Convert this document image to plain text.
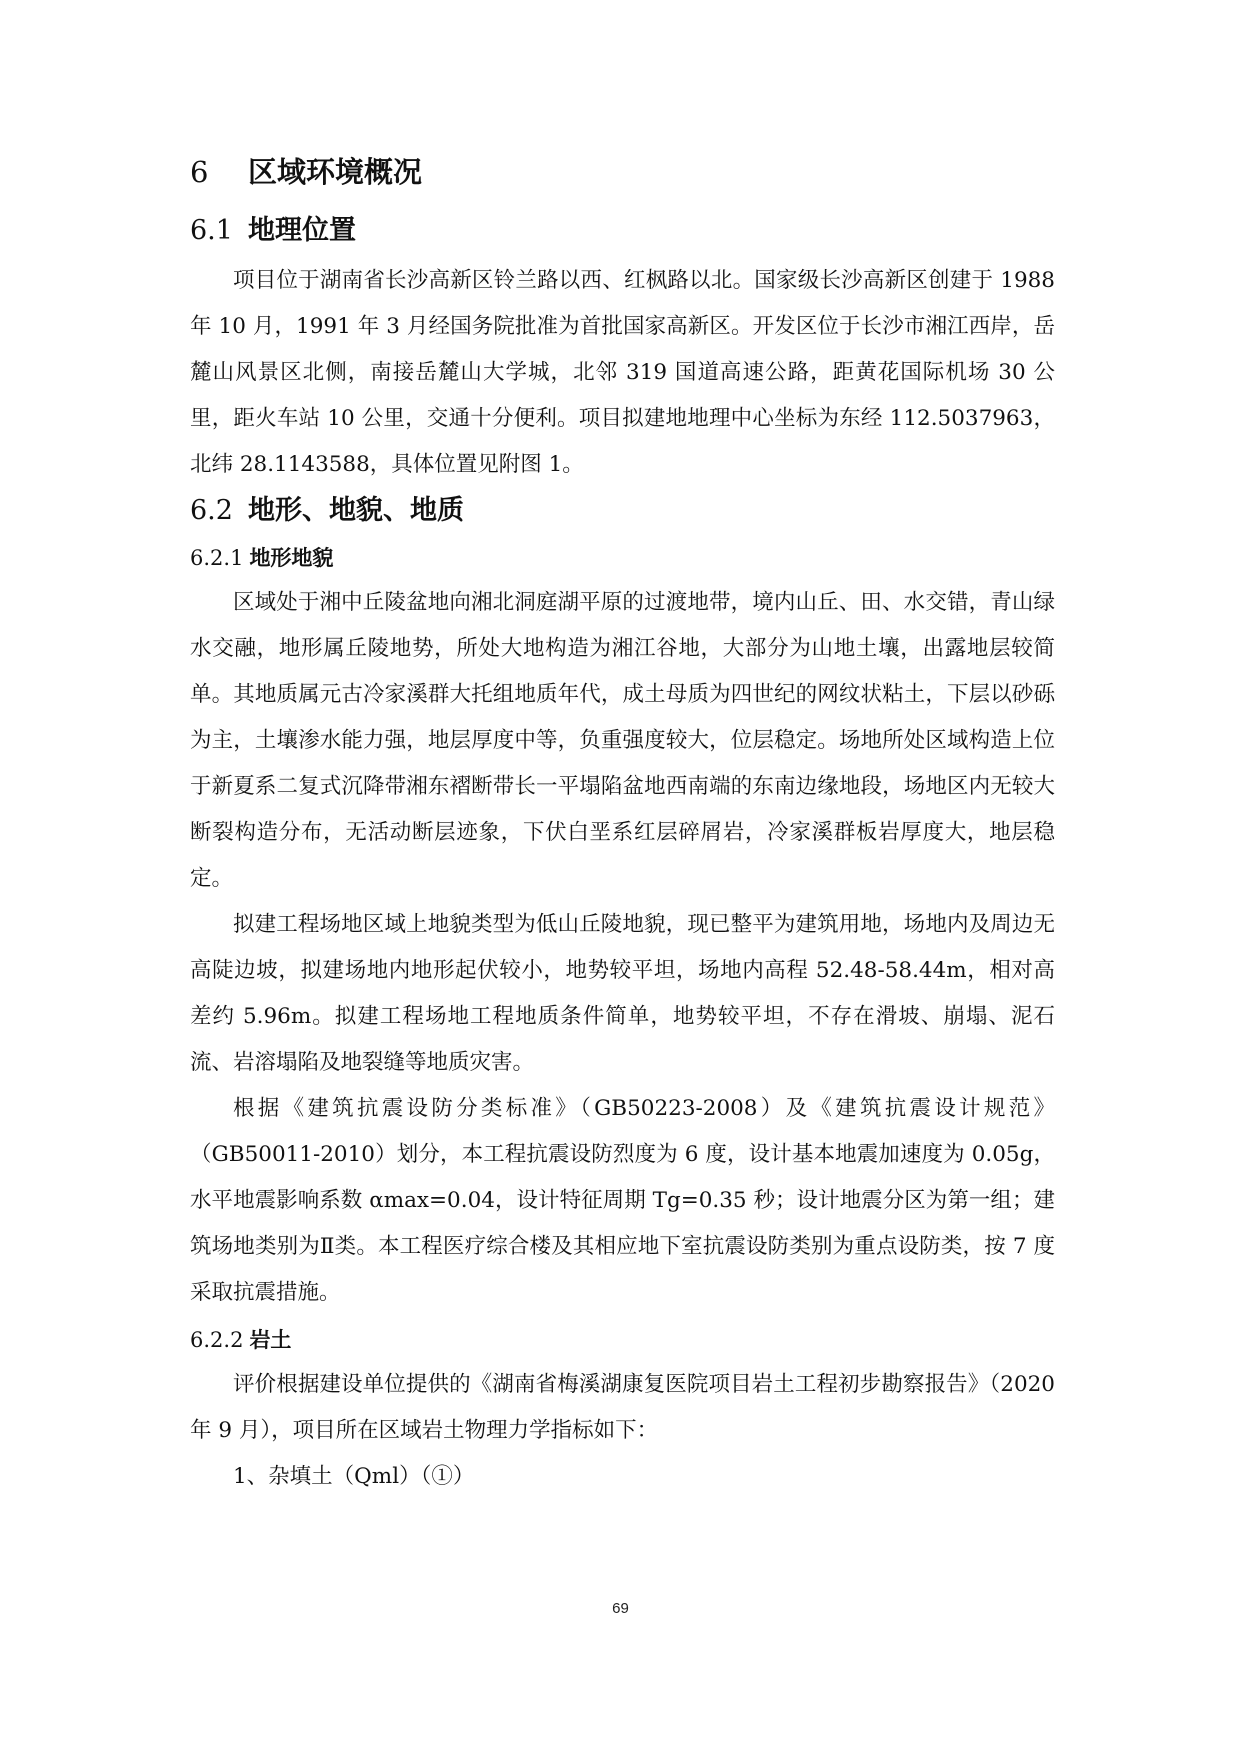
6 区域环境概况
6.1 地理位置

项目位于湖南省长沙高新区铃兰路以西、红枫路以北。国家级长沙高新区创建于 1988 年 10 月，1991 年 3 月经国务院批准为首批国家高新区。开发区位于长沙市湘江西岸，岳麓山风景区北侧，南接岳麓山大学城，北邻 319 国道高速公路，距黄花国际机场 30 公里，距火车站 10 公里，交通十分便利。项目拟建地地理中心坐标为东经 112.5037963，北纬 28.1143588，具体位置见附图 1。

6.2 地形、地貌、地质
6.2.1 地形地貌

区域处于湘中丘陵盆地向湘北洞庭湖平原的过渡地带，境内山丘、田、水交错，青山绿水交融，地形属丘陵地势，所处大地构造为湘江谷地，大部分为山地土壤，出露地层较简单。其地质属元古冷家溪群大托组地质年代，成土母质为四世纪的网纹状粘土，下层以砂砾为主，土壤渗水能力强，地层厚度中等，负重强度较大，位层稳定。场地所处区域构造上位于新夏系二复式沉降带湘东褶断带长一平塌陷盆地西南端的东南边缘地段，场地区内无较大断裂构造分布，无活动断层迹象，下伏白垩系红层碎屑岩，冷家溪群板岩厚度大，地层稳定。

拟建工程场地区域上地貌类型为低山丘陵地貌，现已整平为建筑用地，场地内及周边无高陡边坡，拟建场地内地形起伏较小，地势较平坦，场地内高程 52.48-58.44m，相对高差约 5.96m。拟建工程场地工程地质条件简单，地势较平坦，不存在滑坡、崩塌、泥石流、岩溶塌陷及地裂缝等地质灾害。

根据《建筑抗震设防分类标准》（GB50223-2008）及《建筑抗震设计规范》（GB50011-2010）划分，本工程抗震设防烈度为 6 度，设计基本地震加速度为 0.05g，水平地震影响系数 αmax=0.04，设计特征周期 Tg=0.35 秒；设计地震分区为第一组；建筑场地类别为Ⅱ类。本工程医疗综合楼及其相应地下室抗震设防类别为重点设防类，按 7 度采取抗震措施。

6.2.2 岩土

评价根据建设单位提供的《湖南省梅溪湖康复医院项目岩土工程初步勘察报告》（2020 年 9 月），项目所在区域岩土物理力学指标如下：

1、杂填土（Qml）（①）

69
